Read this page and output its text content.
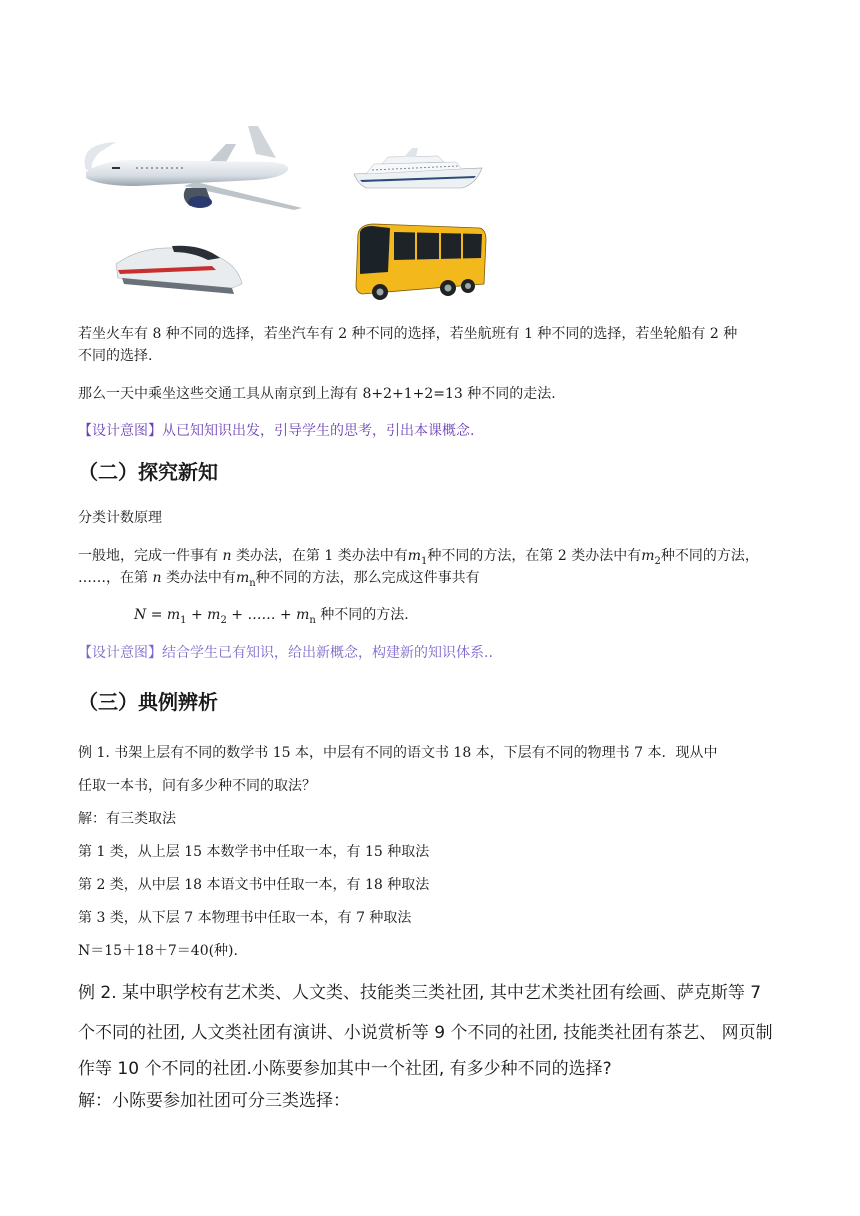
若坐火车有 8 种不同的选择，若坐汽车有 2 种不同的选择，若坐航班有 1 种不同的选择，若坐轮船有 2 种
不同的选择.
那么一天中乘坐这些交通工具从南京到上海有 8+2+1+2=13 种不同的走法.
【设计意图】从已知知识出发，引导学生的思考，引出本课概念.
（二）探究新知
分类计数原理
一般地，完成一件事有 n 类办法，在第 1 类办法中有$m_1$种不同的方法，在第 2 类办法中有$m_2$种不同的方法，
……，在第 n 类办法中有$m_n$种不同的方法，那么完成这件事共有
$N = m_1 + m_2$ + …… + $m_n$ 种不同的方法.
【设计意图】结合学生已有知识，给出新概念，构建新的知识体系..
（三）典例辨析
例 1. 书架上层有不同的数学书 15 本，中层有不同的语文书 18 本，下层有不同的物理书 7 本．现从中
任取一本书，问有多少种不同的取法？
解：有三类取法
第 1 类，从上层 15 本数学书中任取一本，有 15 种取法
第 2 类，从中层 18 本语文书中任取一本，有 18 种取法
第 3 类，从下层 7 本物理书中任取一本，有 7 种取法
N＝15＋18＋7＝40(种).
例 2. 某中职学校有艺术类、人文类、技能类三类社团, 其中艺术类社团有绘画、萨克斯等 7
个不同的社团, 人文类社团有演讲、小说赏析等 9 个不同的社团, 技能类社团有茶艺、 网页制
作等 10 个不同的社团.小陈要参加其中一个社团, 有多少种不同的选择?
解：小陈要参加社团可分三类选择：
